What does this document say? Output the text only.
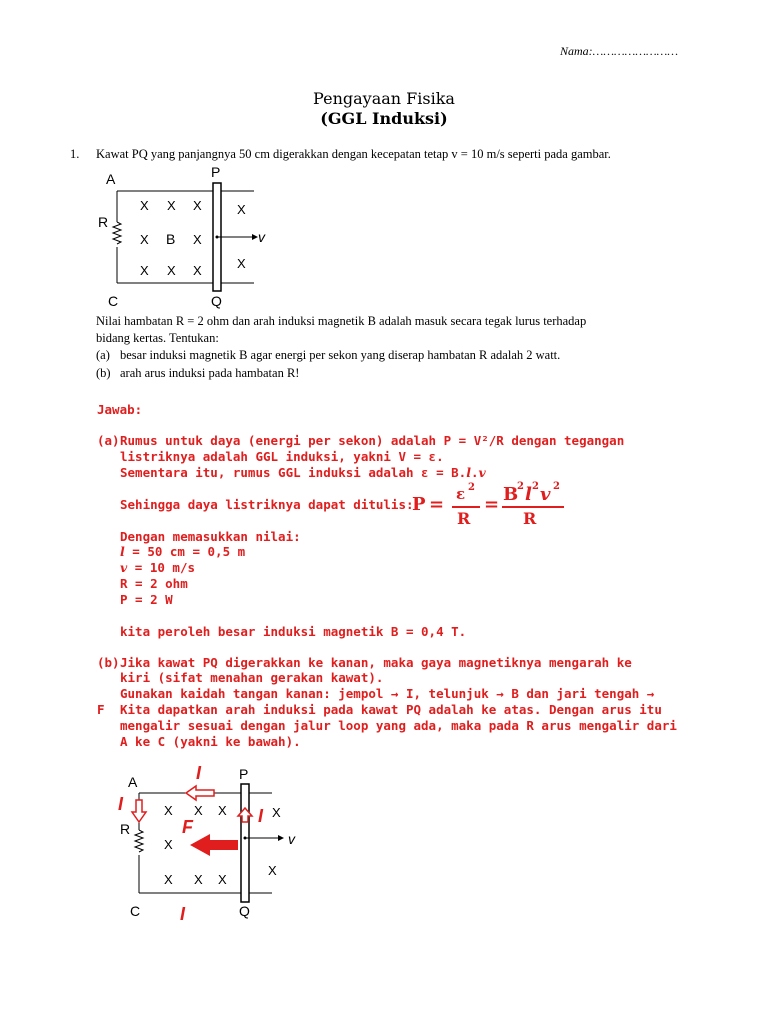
Nama:……………………
Pengayaan Fisika
(GGL Induksi)
1. Kawat PQ yang panjangnya 50 cm digerakkan dengan kecepatan tetap v = 10 m/s seperti pada gambar.
A
C
P
Q
R
B	v
X X X	X
X	X
X X X	X
Nilai hambatan R = 2 ohm dan arah induksi magnetik B adalah masuk secara tegak lurus terhadap
bidang kertas. Tentukan:
(a) besar induksi magnetik B agar energi per sekon yang diserap hambatan R adalah 2 watt.
(b) arah arus induksi pada hambatan R!
Jawab:
(a) Rumus untuk daya (energi per sekon) adalah P = V²/R dengan tegangan
listriknya adalah GGL induksi, yakni V = ε.
Sementara itu, rumus GGL induksi adalah ε = B.l.v
Sehingga daya listriknya dapat ditulis:
P = ε 2
R
= B
2 l 2 v 2
R
Dengan memasukkan nilai:
l = 50 cm = 0,5 m
v = 10 m/s
R = 2 ohm
P = 2 W
kita peroleh besar induksi magnetik B = 0,4 T.
(b) Jika kawat PQ digerakkan ke kanan, maka gaya magnetiknya mengarah ke
kiri (sifat menahan gerakan kawat).
Gunakan kaidah tangan kanan: jempol → I, telunjuk → B dan jari tengah →
F Kita dapatkan arah induksi pada kawat PQ adalah ke atas. Dengan arus itu
mengalir sesuai dengan jalur loop yang ada, maka pada R arus mengalir dari
A ke C (yakni ke bawah).
A
C
P
Q
R
v
I
I
I
I
F
X X X	X
X
X X X
X
